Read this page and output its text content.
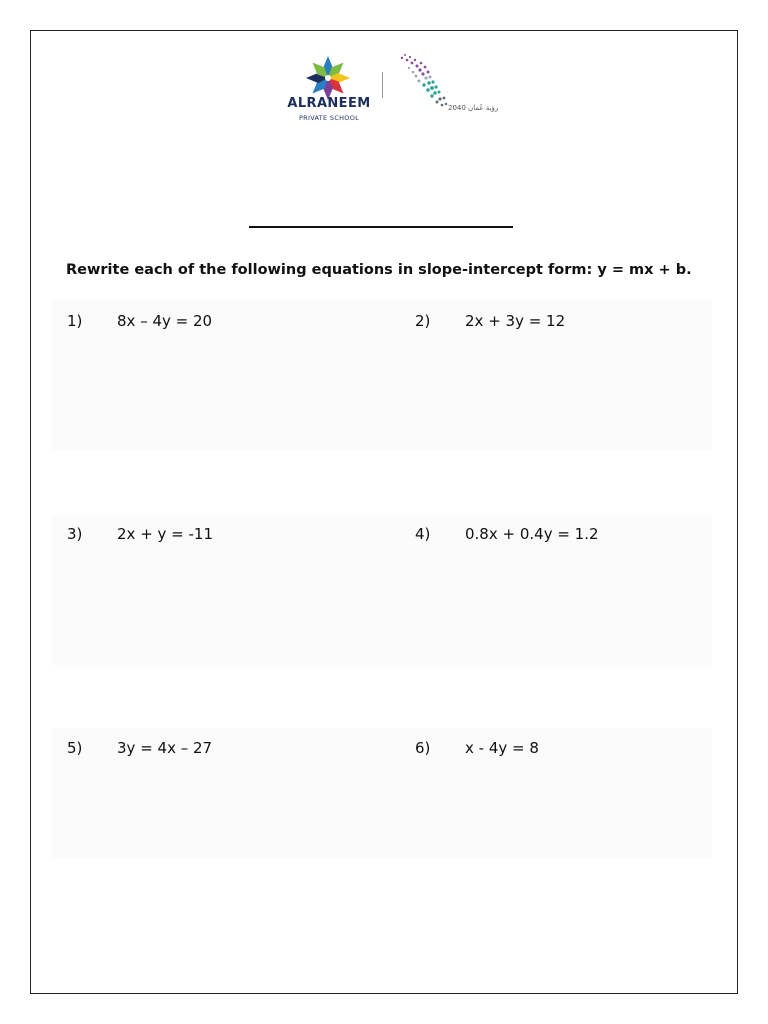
ALRANEEM
PRIVATE SCHOOL
رؤية عُمان 2040
Rewrite each of the following equations in slope-intercept form: y = mx + b.
1) 8x – 4y = 20	2) 2x + 3y = 12
3) 2x + y = -11	4) 0.8x + 0.4y = 1.2
5) 3y = 4x – 27	6) x - 4y = 8
